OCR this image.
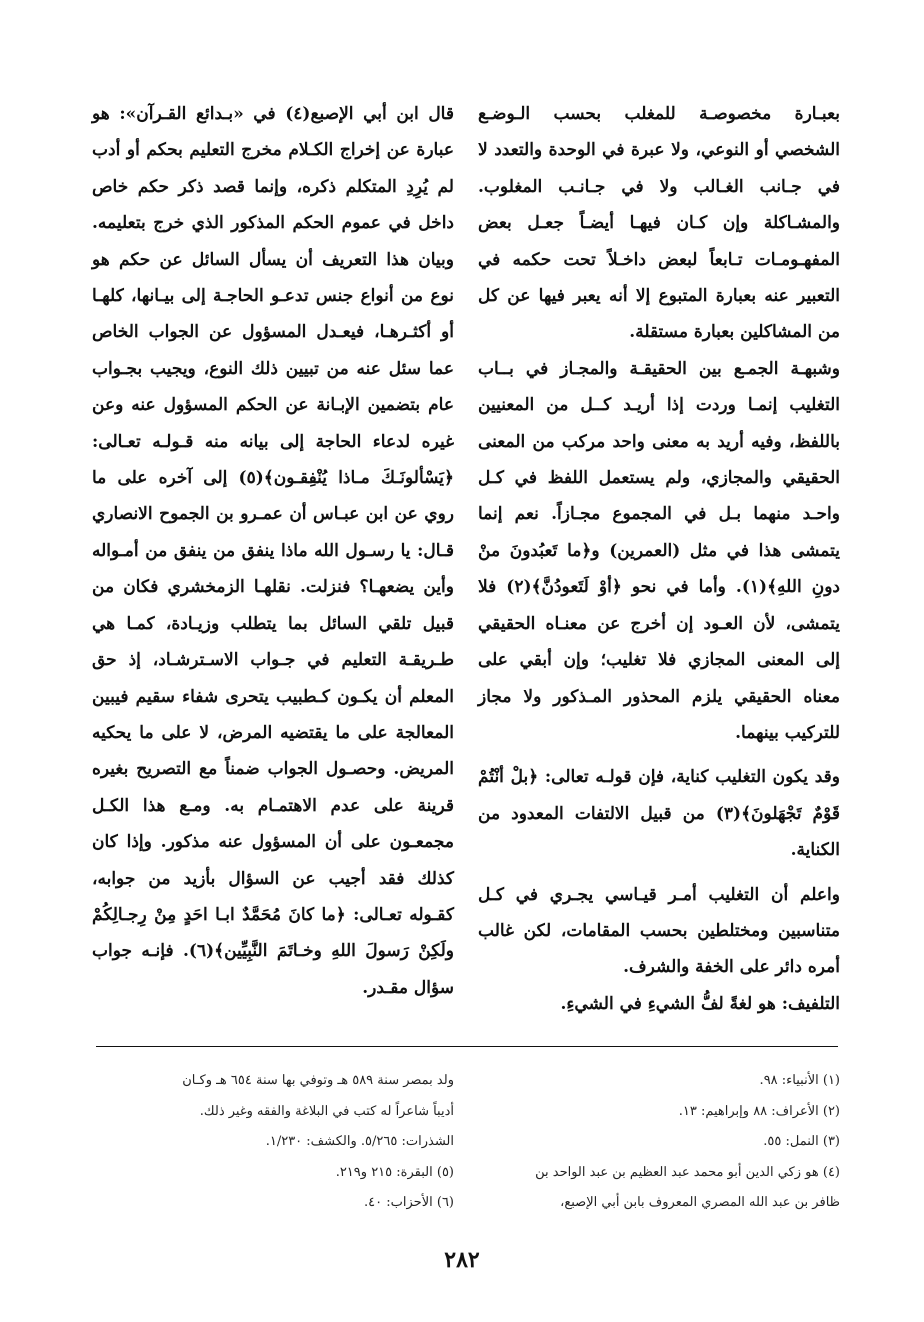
بعبـارة مخصوصـة للمغلب بحسب الـوضـع الشخصي أو النوعي، ولا عبرة في الوحدة والتعدد لا في جـانب الغـالب ولا في جـانـب المغلوب. والمشـاكلة وإن كـان فيهـا أيضـاً جعـل بعض المفهـومـات تـابعاً لبعض داخـلاً تحت حكمه في التعبير عنه بعبارة المتبوع إلا أنه يعبر فيها عن كل من المشاكلين بعبارة مستقلة.

وشبهـة الجمـع بين الحقيقـة والمجـاز في بــاب التغليب إنمـا وردت إذا أريـد كــل من المعنيين باللفظ، وفيه أريد به معنى واحد مركب من المعنى الحقيقي والمجازي، ولم يستعمل اللفظ في كـل واحـد منهما بـل في المجموع مجـازاً. نعم إنما يتمشى هذا في مثل (العمرين) و﴿ما تَعبُدونَ منْ دونِ اللهِ﴾(١). وأما في نحو ﴿أوْ لَتَعودُنَّ﴾(٢) فلا يتمشى، لأن العـود إن أخرج عن معنـاه الحقيقي إلى المعنى المجازي فلا تغليب؛ وإن أبقي على معناه الحقيقي يلزم المحذور المـذكور ولا مجاز للتركيب بينهما.

وقد يكون التغليب كناية، فإن قولـه تعالى: ﴿بلْ أنْتُمْ قَوْمٌ تَجْهَلونَ﴾(٣) من قبيل الالتفات المعدود من الكناية.

واعلم أن التغليب أمـر قيـاسي يجـري في كـل متناسبين ومختلطين بحسب المقامات، لكن غالب أمره دائر على الخفة والشرف.

التلفيف: هو لغةً لفُّ الشيءِ في الشيءِ.

قال ابن أبي الإصبع(٤) في «بـدائع القـرآن»: هو عبارة عن إخراج الكـلام مخرج التعليم بحكم أو أدب لم يُرِدِ المتكلم ذكره، وإنما قصد ذكر حكم خاص داخل في عموم الحكم المذكور الذي خرج بتعليمه. وبيان هذا التعريف أن يسأل السائل عن حكم هو نوع من أنواع جنس تدعـو الحاجـة إلى بيـانها، كلهـا أو أكثـرهـا، فيعـدل المسؤول عن الجواب الخاص عما سئل عنه من تبيين ذلك النوع، ويجيب بجـواب عام بتضمين الإبـانة عن الحكم المسؤول عنه وعن غيره لدعاء الحاجة إلى بيانه منه قـولـه تعـالى: ﴿يَسْألونَـكَ مـاذا يُنْفِقـون﴾(٥) إلى آخره على ما روي عن ابن عبـاس أن عمـرو بن الجموح الانصاري قـال: يا رسـول الله ماذا ينفق من ينفق من أمـواله وأين يضعهـا؟ فنزلت. نقلهـا الزمخشري فكان من قبيل تلقي السائل بما يتطلب وزيـادة، كمـا هي طـريقـة التعليم في جـواب الاسـترشـاد، إذ حق المعلم أن يكـون كـطبيب يتحرى شفاء سقيم فيبين المعالجة على ما يقتضيه المرض، لا على ما يحكيه المريض. وحصـول الجواب ضمناً مع التصريح بغيره قرينة على عدم الاهتمـام به. ومـع هذا الكـل مجمعـون على أن المسؤول عنه مذكور. وإذا كان كذلك فقد أجيب عن السؤال بأزيد من جوابه، كقـوله تعـالى: ﴿ما كانَ مُحَمَّدٌ ابـا احَدٍ مِنْ رِجـالِكُمْ ولَكِنْ رَسولَ اللهِ وخـاتَمَ النَّبِيِّين﴾(٦). فإنـه جواب سؤال مقـدر.

(١) الأنبياء: ٩٨.
(٢) الأعراف: ٨٨ وإبراهيم: ١٣.
(٣) النمل: ٥٥.
(٤) هو زكي الدين أبو محمد عبد العظيم بن عبد الواحد بن
ظافر بن عبد الله المصري المعروف بابن أبي الإصبع،
ولد بمصر سنة ٥٨٩ هـ وتوفي بها سنة ٦٥٤ هـ وكـان
أديباً شاعراً له كتب في البلاغة والفقه وغير ذلك.
الشذرات: ٥/٢٦٥. والكشف: ١/٢٣٠.
(٥) البقرة: ٢١٥ و٢١٩.
(٦) الأحزاب: ٤٠.
٢٨٢
